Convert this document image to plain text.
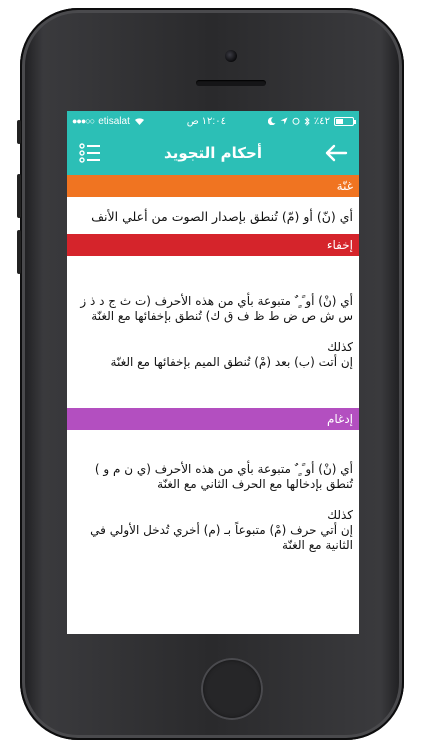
●●●○○ etisalat	١٢:٠٤ ص	٪٤٢
أحكام التجويد
غنّة

أي (نّ) أو (مّ) تُنطق بإصدار الصوت من أعلي الأنف

إخفاء

أي (نْ) أو ً ٍ ٌ متبوعة بأي من هذه الأحرف (ت ث ج د ذ ز س ش ص ض ط ظ ف ق ك) تُنطق بإخفائها مع الغنّة

كذلك

إن أتت (ب) بعد (مْ) تُنطق الميم بإخفائها مع الغنّة

إدغام

أي (نْ) أو ً ٍ ٌ متبوعة بأي من هذه الأحرف (ي ن م و ) تُنطق بإدخالها مع الحرف الثاني مع الغنّة

كذلك

إن أتي حرف (مْ) متبوعاً بـ (م) أخري تُدخل الأولي في الثانية مع الغنّة
